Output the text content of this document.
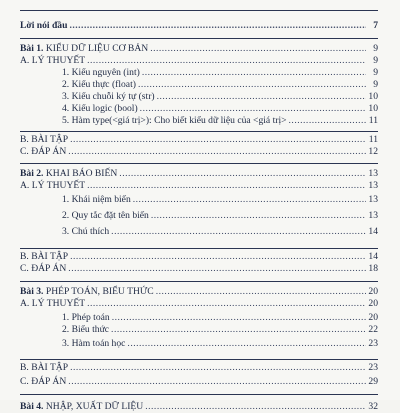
Lời nói đầu .....	7
Bài 1. KIỂU DỮ LIỆU CƠ BẢN .....	9
A. LÝ THUYẾT .....	9
1. Kiểu nguyên (int) .....	9
2. Kiểu thực (float) .....	9
3. Kiểu chuỗi ký tự (str) .....	10
4. Kiểu logic (bool) .....	10
5. Hàm type(<giá trị>): Cho biết kiểu dữ liệu của <giá trị> .....	11
B. BÀI TẬP .....	11
C. ĐÁP ÁN .....	12
Bài 2. KHAI BÁO BIẾN .....	13
A. LÝ THUYẾT .....	13
1. Khái niệm biến .....	13
2. Quy tắc đặt tên biến .....	13
3. Chú thích .....	14
B. BÀI TẬP .....	14
C. ĐÁP ÁN .....	18
Bài 3. PHÉP TOÁN, BIỂU THỨC .....	20
A. LÝ THUYẾT .....	20
1. Phép toán .....	20
2. Biểu thức .....	22
3. Hàm toán học .....	23
B. BÀI TẬP .....	23
C. ĐÁP ÁN .....	29
Bài 4. NHẬP, XUẤT DỮ LIỆU .....	32
